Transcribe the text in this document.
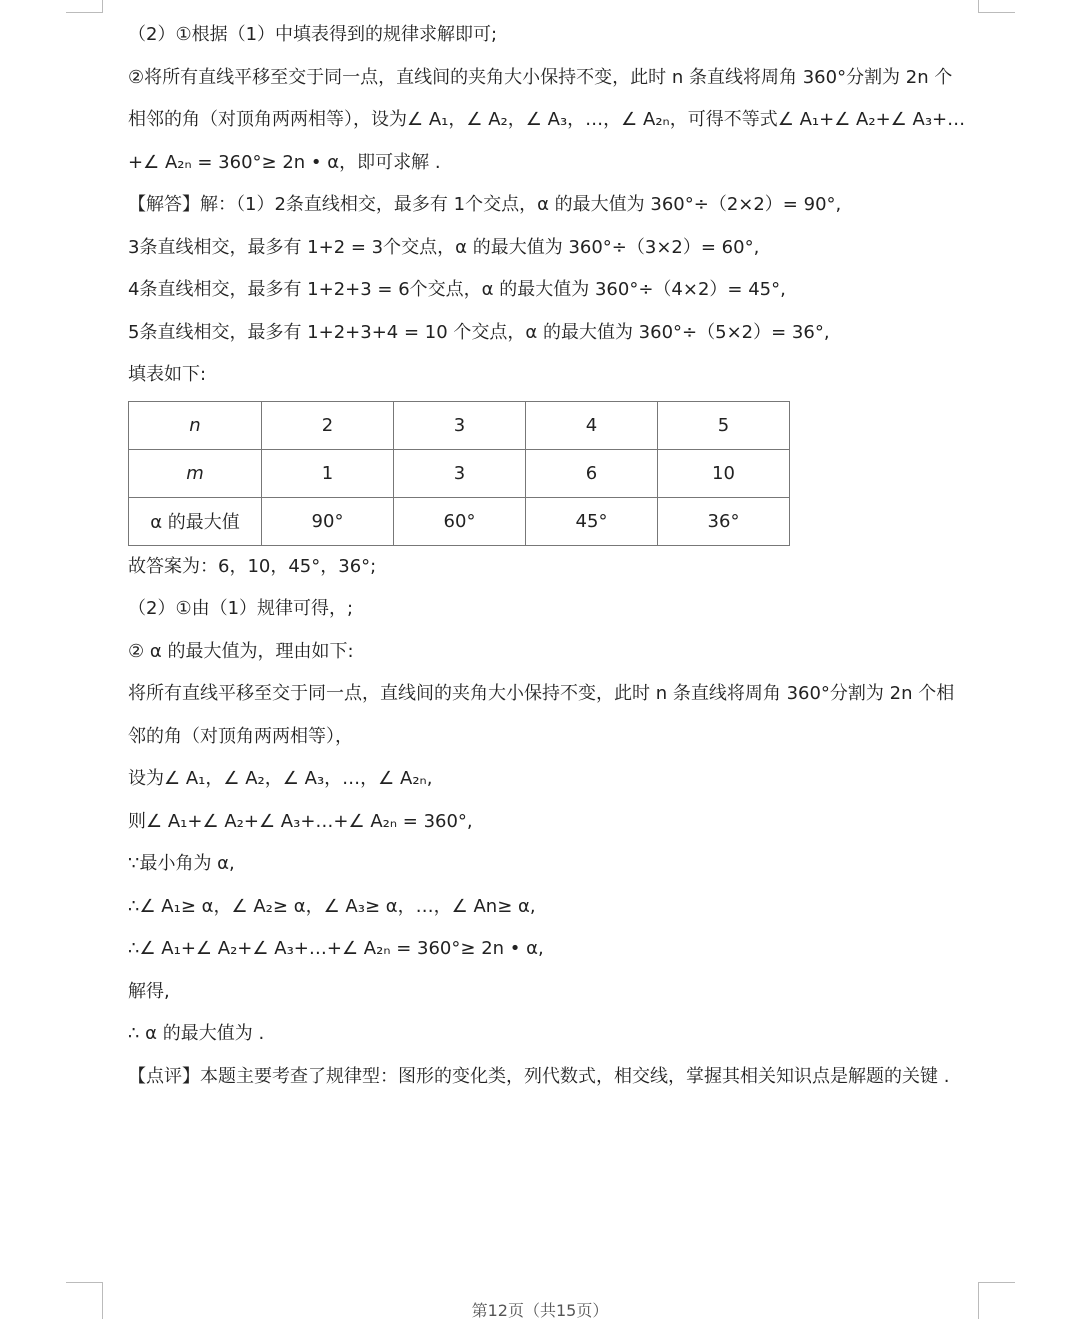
（2）①根据（1）中填表得到的规律求解即可;
②将所有直线平移至交于同一点，直线间的夹角大小保持不变，此时 n 条直线将周角 360°分割为 2n 个
相邻的角（对顶角两两相等），设为∠ A₁，∠ A₂，∠ A₃，…，∠ A₂ₙ，可得不等式∠ A₁+∠ A₂+∠ A₃+…
+∠ A₂ₙ = 360°≥ 2n • α，即可求解 .
【解答】解：（1）2条直线相交，最多有 1个交点，α 的最大值为 360°÷（2×2）= 90°,
3条直线相交，最多有 1+2 = 3个交点，α 的最大值为 360°÷（3×2）= 60°,
4条直线相交，最多有 1+2+3 = 6个交点，α 的最大值为 360°÷（4×2）= 45°,
5条直线相交，最多有 1+2+3+4 = 10 个交点，α 的最大值为 360°÷（5×2）= 36°,
填表如下:
n	2	3	4	5
m	1	3	6	10
α 的最大值	90°	60°	45°	36°
故答案为：6，10，45°，36°;
（2）①由（1）规律可得，;
② α 的最大值为，理由如下:
将所有直线平移至交于同一点，直线间的夹角大小保持不变，此时 n 条直线将周角 360°分割为 2n 个相
邻的角（对顶角两两相等），
设为∠ A₁，∠ A₂，∠ A₃，…，∠ A₂ₙ,
则∠ A₁+∠ A₂+∠ A₃+…+∠ A₂ₙ = 360°,
∵最小角为 α,
∴∠ A₁≥ α，∠ A₂≥ α，∠ A₃≥ α，…，∠ An≥ α,
∴∠ A₁+∠ A₂+∠ A₃+…+∠ A₂ₙ = 360°≥ 2n • α,
解得,
∴ α 的最大值为 .
【点评】本题主要考查了规律型：图形的变化类，列代数式，相交线，掌握其相关知识点是解题的关键 .
第12页（共15页）
